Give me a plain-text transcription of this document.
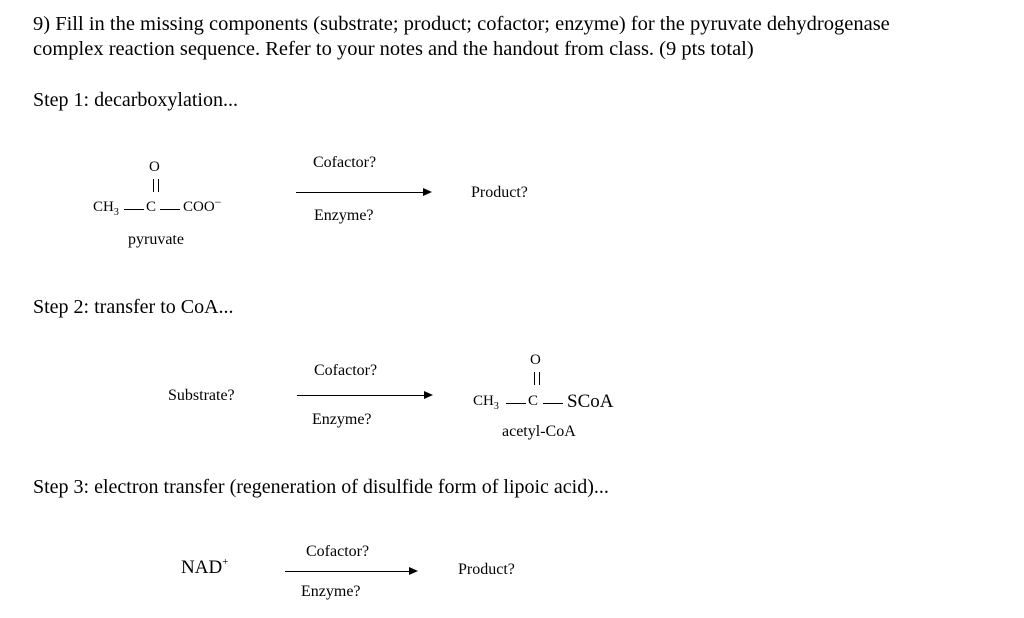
9) Fill in the missing components (substrate; product; cofactor; enzyme) for the pyruvate dehydrogenase
complex reaction sequence. Refer to your notes and the handout from class. (9 pts total)
Step 1: decarboxylation...
O
$CH_3$ C COO−
pyruvate
Cofactor?
Enzyme?
Product?
Step 2: transfer to CoA...
Substrate?
Cofactor?
Enzyme?
O
$CH_3$ C SCoA
acetyl-CoA
Step 3: electron transfer (regeneration of disulfide form of lipoic acid)...
NAD+
Cofactor?
Enzyme?
Product?
